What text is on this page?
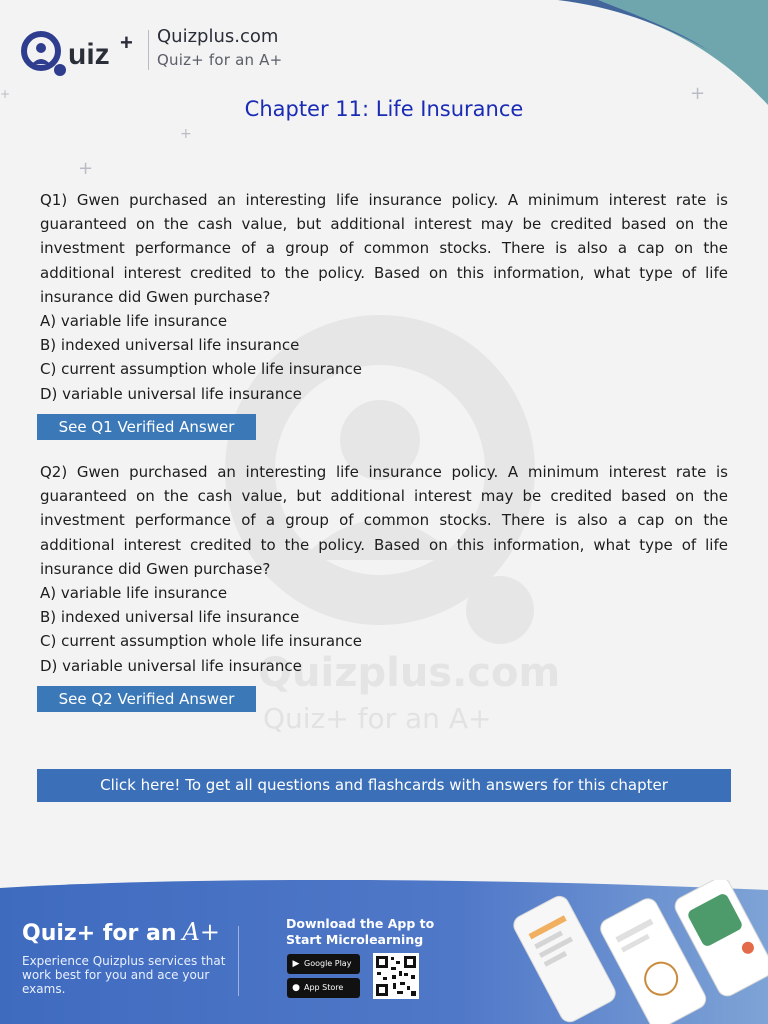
+
+
+
+
uiz + Quizplus.com
Quiz+ for an A+
Chapter 11: Life Insurance
Quizplus.com
Quiz+ for an A+

Q1) Gwen purchased an interesting life insurance policy. A minimum interest rate is guaranteed on the cash value, but additional interest may be credited based on the investment performance of a group of common stocks. There is also a cap on the additional interest credited to the policy. Based on this information, what type of life insurance did Gwen purchase?

A) variable life insurance

B) indexed universal life insurance

C) current assumption whole life insurance

D) variable universal life insurance

See Q1 Verified Answer

Q2) Gwen purchased an interesting life insurance policy. A minimum interest rate is guaranteed on the cash value, but additional interest may be credited based on the investment performance of a group of common stocks. There is also a cap on the additional interest credited to the policy. Based on this information, what type of life insurance did Gwen purchase?

A) variable life insurance

B) indexed universal life insurance

C) current assumption whole life insurance

D) variable universal life insurance

See Q2 Verified Answer
Click here! To get all questions and flashcards with answers for this chapter
Quiz+ for an A+
Experience Quizplus services that work best for you and ace your exams.
Download the App to Start Microlearning
▶ Google Play
● App Store
